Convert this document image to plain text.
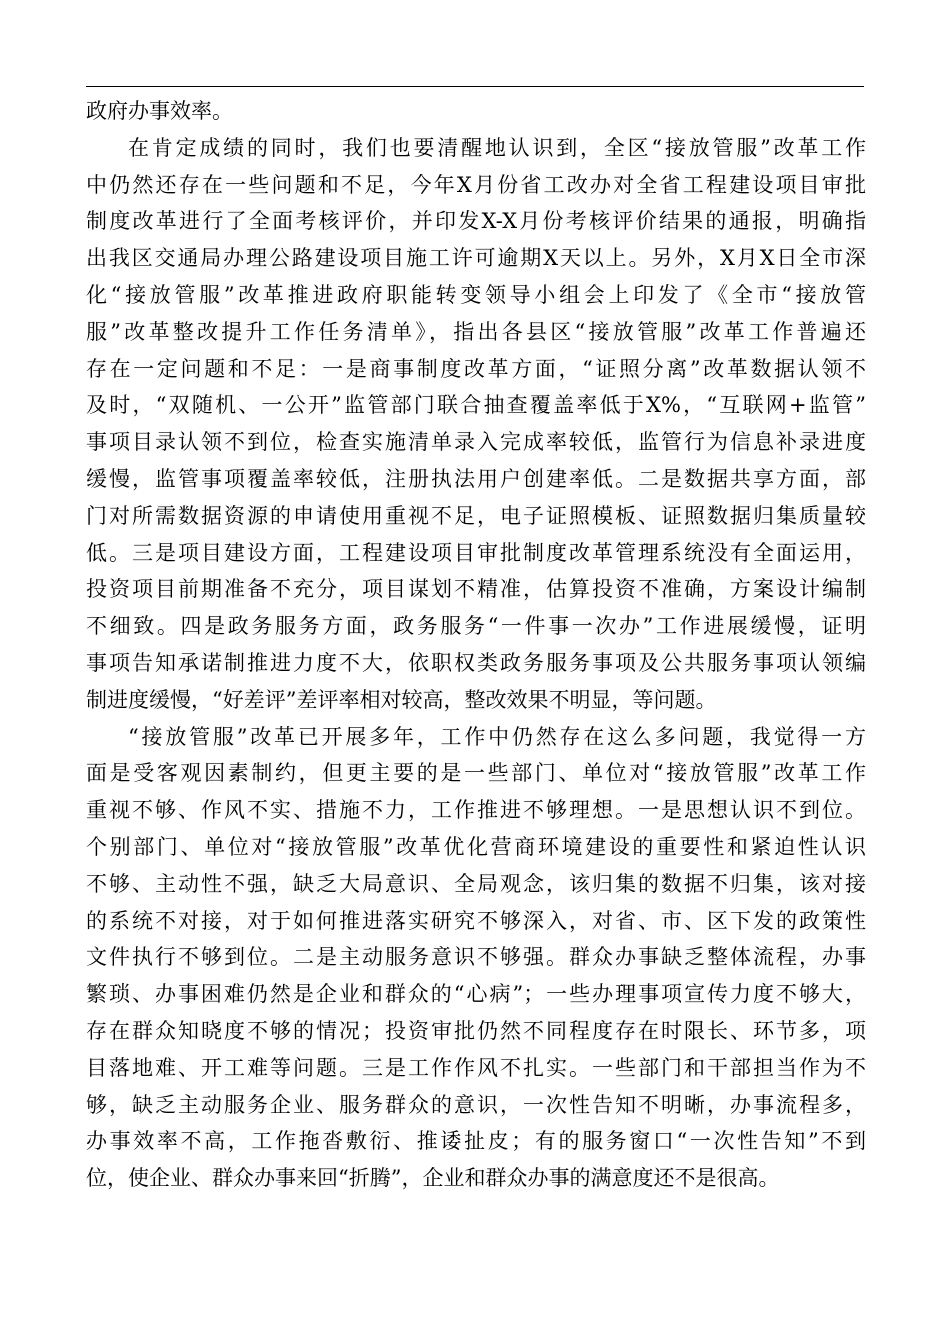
政府办事效率。
在肯定成绩的同时，我们也要清醒地认识到，全区“接放管服”改革工作
中仍然还存在一些问题和不足，今年X月份省工改办对全省工程建设项目审批
制度改革进行了全面考核评价，并印发X-X月份考核评价结果的通报，明确指
出我区交通局办理公路建设项目施工许可逾期X天以上。另外，X月X日全市深
化“接放管服”改革推进政府职能转变领导小组会上印发了《全市“接放管
服”改革整改提升工作任务清单》，指出各县区“接放管服”改革工作普遍还
存在一定问题和不足：一是商事制度改革方面，“证照分离”改革数据认领不
及时，“双随机、一公开”监管部门联合抽查覆盖率低于X%，“互联网+监管”
事项目录认领不到位，检查实施清单录入完成率较低，监管行为信息补录进度
缓慢，监管事项覆盖率较低，注册执法用户创建率低。二是数据共享方面，部
门对所需数据资源的申请使用重视不足，电子证照模板、证照数据归集质量较
低。三是项目建设方面，工程建设项目审批制度改革管理系统没有全面运用，
投资项目前期准备不充分，项目谋划不精准，估算投资不准确，方案设计编制
不细致。四是政务服务方面，政务服务“一件事一次办”工作进展缓慢，证明
事项告知承诺制推进力度不大，依职权类政务服务事项及公共服务事项认领编
制进度缓慢，“好差评”差评率相对较高，整改效果不明显，等问题。
“接放管服”改革已开展多年，工作中仍然存在这么多问题，我觉得一方
面是受客观因素制约，但更主要的是一些部门、单位对“接放管服”改革工作
重视不够、作风不实、措施不力，工作推进不够理想。一是思想认识不到位。
个别部门、单位对“接放管服”改革优化营商环境建设的重要性和紧迫性认识
不够、主动性不强，缺乏大局意识、全局观念，该归集的数据不归集，该对接
的系统不对接，对于如何推进落实研究不够深入，对省、市、区下发的政策性
文件执行不够到位。二是主动服务意识不够强。群众办事缺乏整体流程，办事
繁琐、办事困难仍然是企业和群众的“心病”；一些办理事项宣传力度不够大，
存在群众知晓度不够的情况；投资审批仍然不同程度存在时限长、环节多，项
目落地难、开工难等问题。三是工作作风不扎实。一些部门和干部担当作为不
够，缺乏主动服务企业、服务群众的意识，一次性告知不明晰，办事流程多，
办事效率不高，工作拖沓敷衍、推诿扯皮；有的服务窗口“一次性告知”不到
位，使企业、群众办事来回“折腾”，企业和群众办事的满意度还不是很高。
